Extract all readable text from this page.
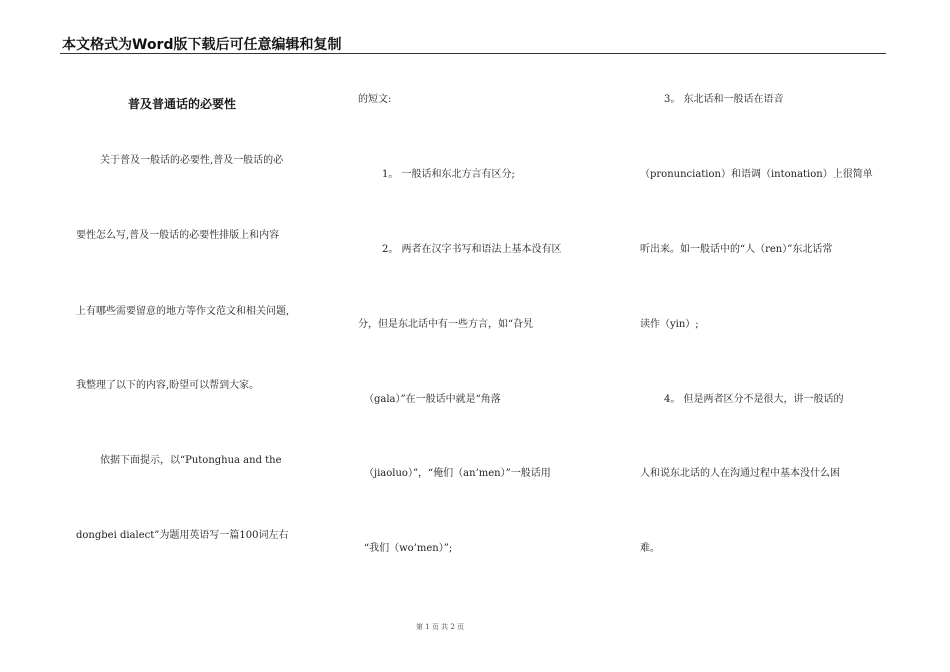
本文格式为Word版下载后可任意编辑和复制
普及普通话的必要性
关于普及一般话的必要性,普及一般话的必
要性怎么写,普及一般话的必要性排版上和内容
上有哪些需要留意的地方等作文范文和相关问题,
我整理了以下的内容,盼望可以帮到大家。
依据下面提示，以“Putonghua and the
dongbei dialect”为题用英语写一篇100词左右
的短文:
1。 一般话和东北方言有区分;
2。 两者在汉字书写和语法上基本没有区
分，但是东北话中有一些方言，如“旮旯
（gala）”在一般话中就是“角落
（jiaoluo）”，“俺们（an’men）”一般话用
“我们（wo’men）”;
3。 东北话和一般话在语音
（pronunciation）和语调（intonation）上很简单
听出来。如一般话中的“人（ren）”东北话常
读作（yin）;
4。 但是两者区分不是很大，讲一般话的
人和说东北话的人在沟通过程中基本没什么困
难。
第 1 页 共 2 页
